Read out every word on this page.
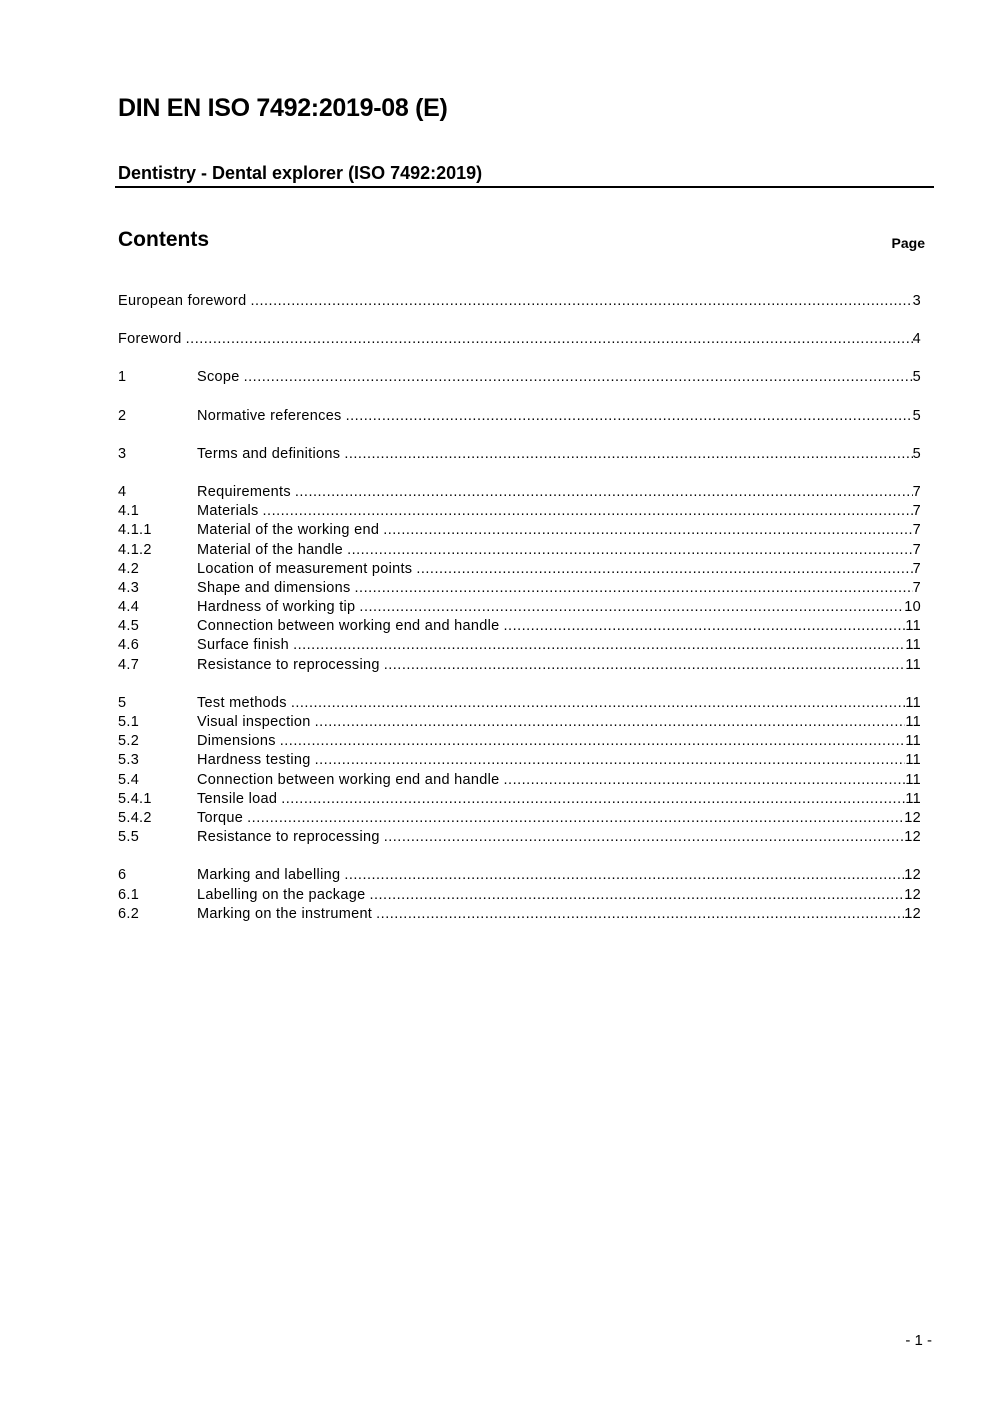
DIN EN ISO 7492:2019-08 (E)
Dentistry - Dental explorer (ISO 7492:2019)
Contents	Page
European foreword .....	3
Foreword .....	4
1	Scope .....	5
2	Normative references .....	5
3	Terms and definitions .....	5
4	Requirements .....	7
4.1	Materials .....	7
4.1.1	Material of the working end .....	7
4.1.2	Material of the handle .....	7
4.2	Location of measurement points .....	7
4.3	Shape and dimensions .....	7
4.4	Hardness of working tip .....	10
4.5	Connection between working end and handle .....	11
4.6	Surface finish .....	11
4.7	Resistance to reprocessing .....	11
5	Test methods .....	11
5.1	Visual inspection .....	11
5.2	Dimensions .....	11
5.3	Hardness testing .....	11
5.4	Connection between working end and handle .....	11
5.4.1	Tensile load .....	11
5.4.2	Torque .....	12
5.5	Resistance to reprocessing .....	12
6	Marking and labelling .....	12
6.1	Labelling on the package .....	12
6.2	Marking on the instrument .....	12
- 1 -
